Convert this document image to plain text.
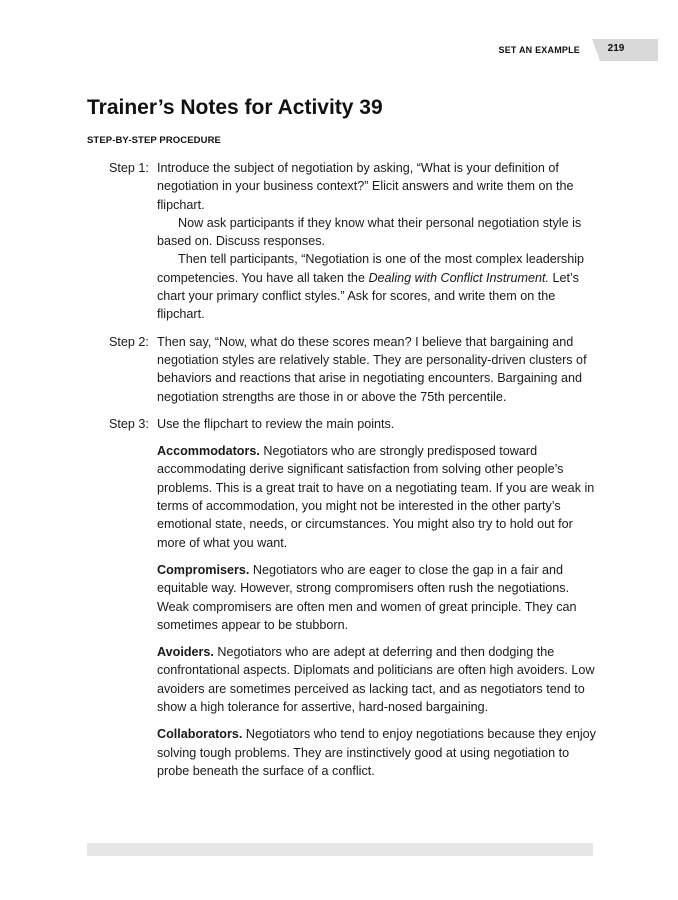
SET AN EXAMPLE	219
Trainer’s Notes for Activity 39
STEP-BY-STEP PROCEDURE
Step 1: Introduce the subject of negotiation by asking, “What is your definition of negotiation in your business context?” Elicit answers and write them on the flipchart.

Now ask participants if they know what their personal negotiation style is based on. Discuss responses.

Then tell participants, “Negotiation is one of the most complex leadership competencies. You have all taken the Dealing with Conflict Instrument. Let’s chart your primary conflict styles.” Ask for scores, and write them on the flipchart.

Step 2: Then say, “Now, what do these scores mean? I believe that bargaining and negotiation styles are relatively stable. They are personality-driven clusters of behaviors and reactions that arise in negotiating encounters. Bargaining and negotiation strengths are those in or above the 75th percentile.

Step 3: Use the flipchart to review the main points.

Accommodators. Negotiators who are strongly predisposed toward accommodating derive significant satisfaction from solving other people’s problems. This is a great trait to have on a negotiating team. If you are weak in terms of accommodation, you might not be interested in the other party’s emotional state, needs, or circumstances. You might also try to hold out for more of what you want.

Compromisers. Negotiators who are eager to close the gap in a fair and equitable way. However, strong compromisers often rush the negotiations. Weak compromisers are often men and women of great principle. They can sometimes appear to be stubborn.

Avoiders. Negotiators who are adept at deferring and then dodging the confrontational aspects. Diplomats and politicians are often high avoiders. Low avoiders are sometimes perceived as lacking tact, and as negotiators tend to show a high tolerance for assertive, hard-nosed bargaining.

Collaborators. Negotiators who tend to enjoy negotiations because they enjoy solving tough problems. They are instinctively good at using negotiation to probe beneath the surface of a conflict.
